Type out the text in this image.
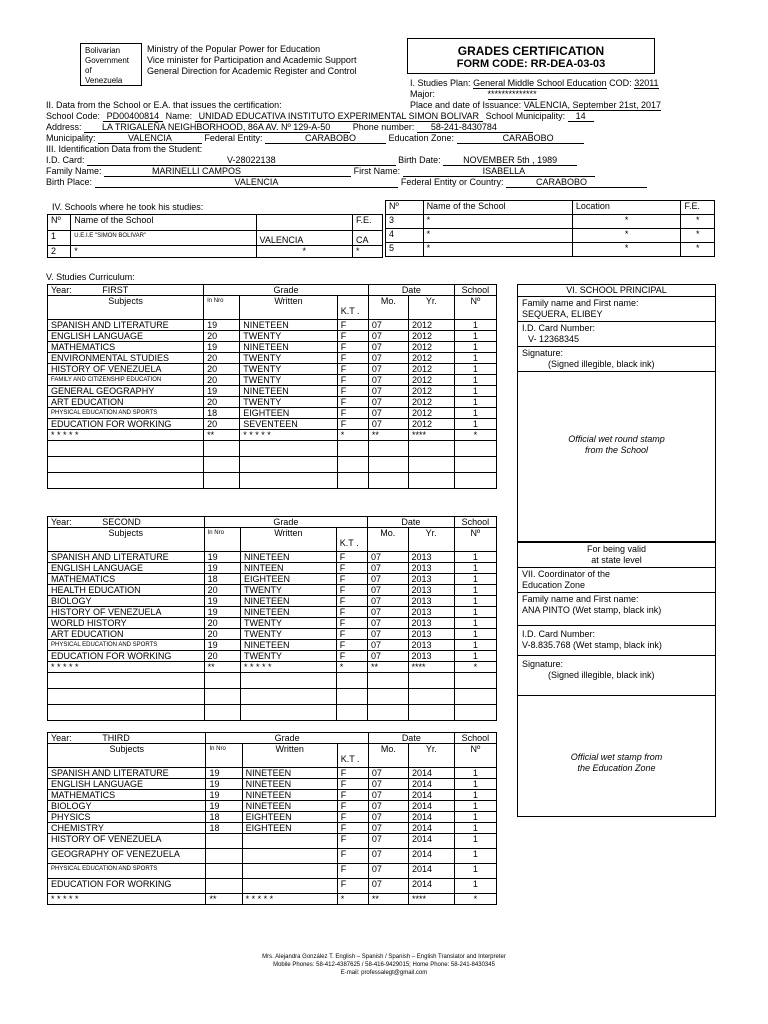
Bolivarian
Government
of
Venezuela
Ministry of the Popular Power for Education
Vice minister for Participation and Academic Support
General Direction for Academic Register and Control
GRADES CERTIFICATION
FORM CODE: RR-DEA-03-03
I. Studies Plan: General Middle School Education COD: 32011
Major:	**************
II. Data from the School or E.A. that issues the certification:	Place and date of Issuance: VALENCIA, September 21st, 2017
School Code: PD00400814 Name: UNIDAD EDUCATIVA INSTITUTO EXPERIMENTAL SIMON BOLIVAR School Municipality: 14
Address: LA TRIGALEÑA NEIGHBORHOOD, 86A AV. Nº 129-A-50	Phone number: 58-241-8430784
Municipality:	VALENCIA	Federal Entity:	CARABOBO	Education Zone:	CARABOBO
III. Identification Data from the Student:
I.D. Card:	V-28022138	Birth Date:	NOVEMBER 5th , 1989
Family Name:	MARINELLI CAMPOS	First Name:	ISABELLA
Birth Place:	VALENCIA	Federal Entity or Country:	CARABOBO
IV. Schools where he took his studies:
Nº	Name of the School		F.E.
1	U.E.I.E "SIMON BOLIVAR"	VALENCIA	CA
2	*	*	*
Nº	Name of the School	Location	F.E.
3	*	*	*
4	*	*	*
5	*	*	*
V. Studies Curriculum:
Year: FIRST	Grade			Date		School
Subjects	In Nro	Written	K.T .	Mo.	Yr.	Nº
SPANISH AND LITERATURE	19	NINETEEN	F	07	2012	1
ENGLISH LANGUAGE	20	TWENTY	F	07	2012	1
MATHEMATICS	19	NINETEEN	F	07	2012	1
ENVIRONMENTAL STUDIES	20	TWENTY	F	07	2012	1
HISTORY OF VENEZUELA	20	TWENTY	F	07	2012	1
FAMILY AND CITIZENSHIP EDUCATION	20	TWENTY	F	07	2012	1
GENERAL GEOGRAPHY	19	NINETEEN	F	07	2012	1
ART EDUCATION	20	TWENTY	F	07	2012	1
PHYSICAL EDUCATION AND SPORTS	18	EIGHTEEN	F	07	2012	1
EDUCATION FOR WORKING	20	SEVENTEEN	F	07	2012	1
* * * * *	**	* * * * *	*	**	****	*

Year: SECOND	Grade			Date		School
Subjects	In Nro	Written	K.T .	Mo.	Yr.	Nº
SPANISH AND LITERATURE	19	NINETEEN	F	07	2013	1
ENGLISH LANGUAGE	19	NINTEEN	F	07	2013	1
MATHEMATICS	18	EIGHTEEN	F	07	2013	1
HEALTH EDUCATION	20	TWENTY	F	07	2013	1
BIOLOGY	19	NINETEEN	F	07	2013	1
HISTORY OF VENEZUELA	19	NINETEEN	F	07	2013	1
WORLD HISTORY	20	TWENTY	F	07	2013	1
ART EDUCATION	20	TWENTY	F	07	2013	1
PHYSICAL EDUCATION AND SPORTS	19	NINETEEN	F	07	2013	1
EDUCATION FOR WORKING	20	TWENTY	F	07	2013	1
* * * * *	**	* * * * *	*	**	****	*

Year: THIRD	Grade			Date		School
Subjects	In Nro	Written	K.T .	Mo.	Yr.	Nº
SPANISH AND LITERATURE	19	NINETEEN	F	07	2014	1
ENGLISH LANGUAGE	19	NINETEEN	F	07	2014	1
MATHEMATICS	19	NINETEEN	F	07	2014	1
BIOLOGY	19	NINETEEN	F	07	2014	1
PHYSICS	18	EIGHTEEN	F	07	2014	1
CHEMISTRY	18	EIGHTEEN	F	07	2014	1
HISTORY OF VENEZUELA			F	07	2014	1
GEOGRAPHY OF VENEZUELA			F	07	2014	1
PHYSICAL EDUCATION AND SPORTS			F	07	2014	1
EDUCATION FOR WORKING			F	07	2014	1
* * * * *	**	* * * * *	*	**	****	*
VI. SCHOOL PRINCIPAL
Family name and First name:
SEQUERA, ELIBEY
I.D. Card Number:
V- 12368345
Signature:
(Signed illegible, black ink)
Official wet round stamp
from the School
For being valid
at state level
VII. Coordinator of the
Education Zone
Family name and First name:
ANA PINTO (Wet stamp, black ink)
I.D. Card Number:
V-8.835.768 (Wet stamp, black ink)
Signature:
(Signed illegible, black ink)
Official wet stamp from
the Education Zone
Mrs. Alejandra González T. English – Spanish / Spanish – English Translator and Interpreter
Mobile Phones: 58-412-4387625 / 58-416-9429015; Home Phone: 58-241-8430345
E-mail: professalegt@gmail.com
